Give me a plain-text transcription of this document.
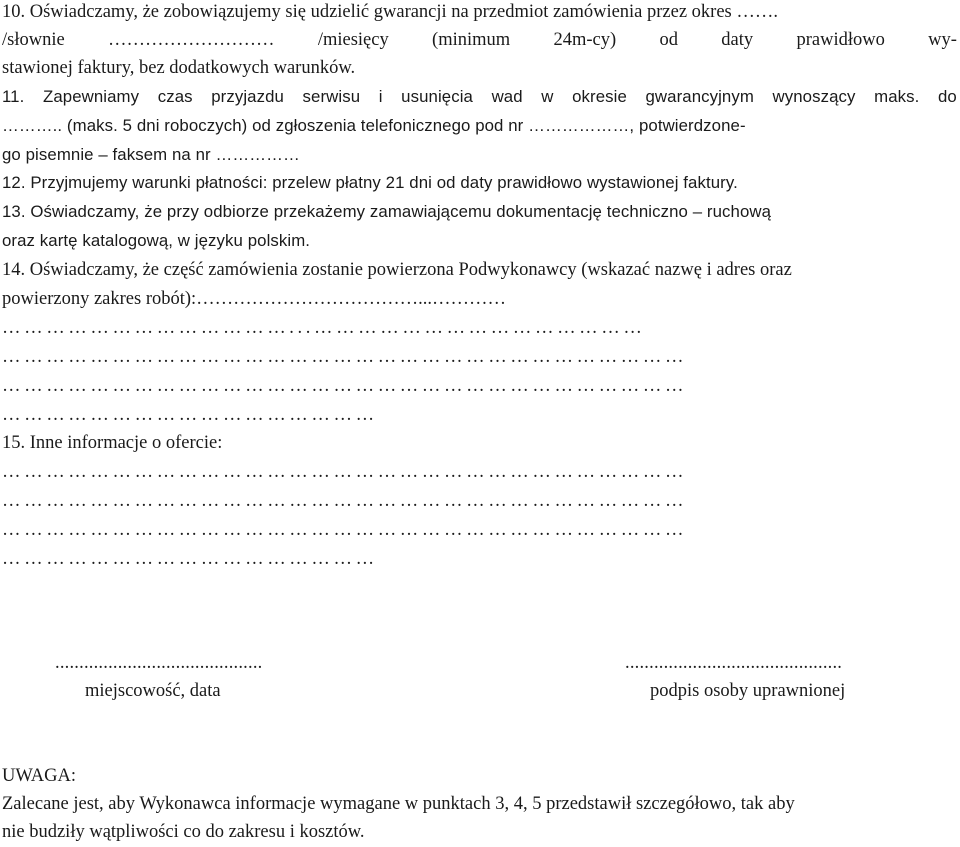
10. Oświadczamy, że zobowiązujemy się udzielić gwarancji na przedmiot zamówienia przez okres …….
/słownie ……………………… /miesięcy (minimum 24m-cy) od daty prawidłowo wy-
stawionej faktury, bez dodatkowych warunków.
11. Zapewniamy czas przyjazdu serwisu i usunięcia wad w okresie gwarancyjnym wynoszący maks. do
……….. (maks. 5 dni roboczych) od zgłoszenia telefonicznego pod nr ………………, potwierdzone-
go pisemnie – faksem na nr ……………
12. Przyjmujemy warunki płatności: przelew płatny 21 dni od daty prawidłowo wystawionej faktury.
13. Oświadczamy, że przy odbiorze przekażemy zamawiającemu dokumentację techniczno – ruchową
oraz kartę katalogową, w języku polskim.
14. Oświadczamy, że część zamówienia zostanie powierzona Podwykonawcy (wskazać nazwę i adres oraz
powierzony zakres robót):………………………………...…………
…………………………………...………………………………………
…………………………………………………………………………………
…………………………………………………………………………………
……………………………………………
15. Inne informacje o ofercie:
…………………………………………………………………………………
…………………………………………………………………………………
…………………………………………………………………………………
……………………………………………
...........................................
miejscowość, data
.............................................
podpis osoby uprawnionej
UWAGA:
Zalecane jest, aby Wykonawca informacje wymagane w punktach 3, 4, 5 przedstawił szczegółowo, tak aby
nie budziły wątpliwości co do zakresu i kosztów.
